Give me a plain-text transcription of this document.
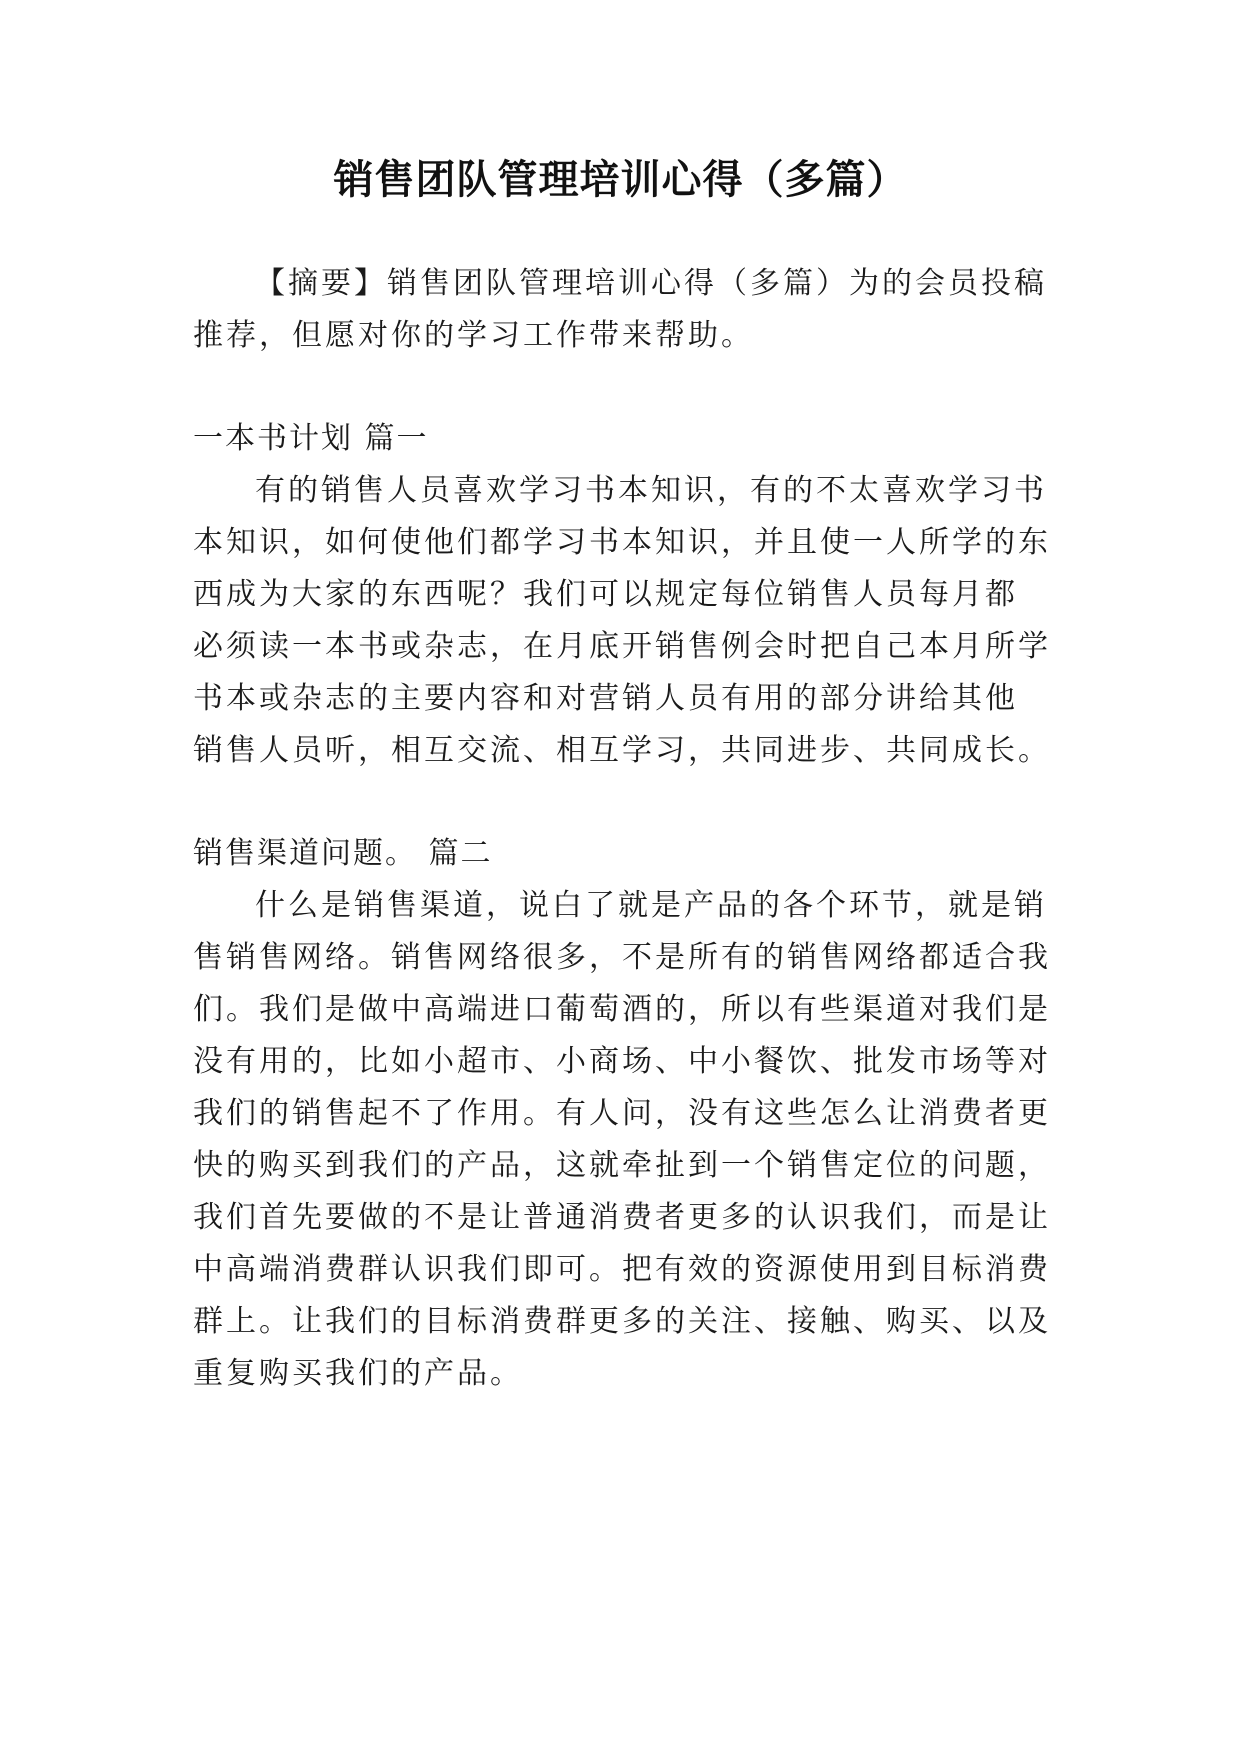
销售团队管理培训心得（多篇）

【摘要】销售团队管理培训心得（多篇）为的会员投稿

推荐，但愿对你的学习工作带来帮助。

一本书计划 篇一

有的销售人员喜欢学习书本知识，有的不太喜欢学习书

本知识，如何使他们都学习书本知识，并且使一人所学的东

西成为大家的东西呢？我们可以规定每位销售人员每月都

必须读一本书或杂志，在月底开销售例会时把自己本月所学

书本或杂志的主要内容和对营销人员有用的部分讲给其他

销售人员听，相互交流、相互学习，共同进步、共同成长。

销售渠道问题。 篇二

什么是销售渠道，说白了就是产品的各个环节，就是销

售销售网络。销售网络很多，不是所有的销售网络都适合我

们。我们是做中高端进口葡萄酒的，所以有些渠道对我们是

没有用的，比如小超市、小商场、中小餐饮、批发市场等对

我们的销售起不了作用。有人问，没有这些怎么让消费者更

快的购买到我们的产品，这就牵扯到一个销售定位的问题，

我们首先要做的不是让普通消费者更多的认识我们，而是让

中高端消费群认识我们即可。把有效的资源使用到目标消费

群上。让我们的目标消费群更多的关注、接触、购买、以及

重复购买我们的产品。
